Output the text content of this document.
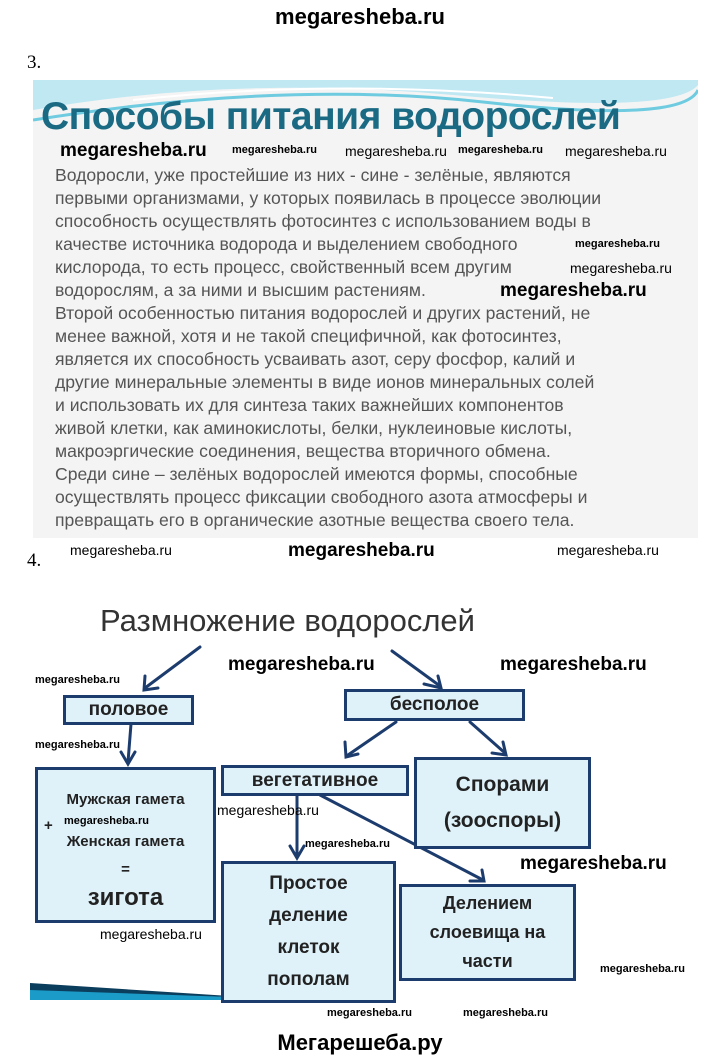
megaresheba.ru
3.
Способы питания водорослей
Водоросли, уже простейшие из них - сине - зелёные, являются
первыми организмами, у которых появилась в процессе эволюции
способность осуществлять фотосинтез с использованием воды в
качестве источника водорода и выделением свободного
кислорода, то есть процесс, свойственный всем другим
водорослям, а за ними и высшим растениям.
Второй особенностью питания водорослей и других растений, не
менее важной, хотя и не такой специфичной, как фотосинтез,
является их способность усваивать азот, серу фосфор, калий и
другие минеральные элементы в виде ионов минеральных солей
и использовать их для синтеза таких важнейших компонентов
живой клетки, как аминокислоты, белки, нуклеиновые кислоты,
макроэргические соединения, вещества вторичного обмена.
Среди сине – зелёных водорослей имеются формы, способные
осуществлять процесс фиксации свободного азота атмосферы и
превращать его в органические азотные вещества своего тела.
4.
Размножение водорослей
половое	бесполое
вегетативное	Спорами
(зооспоры)
Мужская гамета
+
Женская гамета
=
зигота
Простое
деление
клеток
пополам
Делением
слоевища на
части
megaresheba.ru megaresheba.ru megaresheba.ru megaresheba.ru megaresheba.ru
megaresheba.ru
megaresheba.ru
megaresheba.ru
megaresheba.ru	megaresheba.ru	megaresheba.ru
megaresheba.ru	megaresheba.ru
megaresheba.ru
megaresheba.ru
megaresheba.ru
megaresheba.ru
megaresheba.ru
megaresheba.ru
megaresheba.ru
megaresheba.ru
megaresheba.ru	megaresheba.ru
Мегарешеба.ру
